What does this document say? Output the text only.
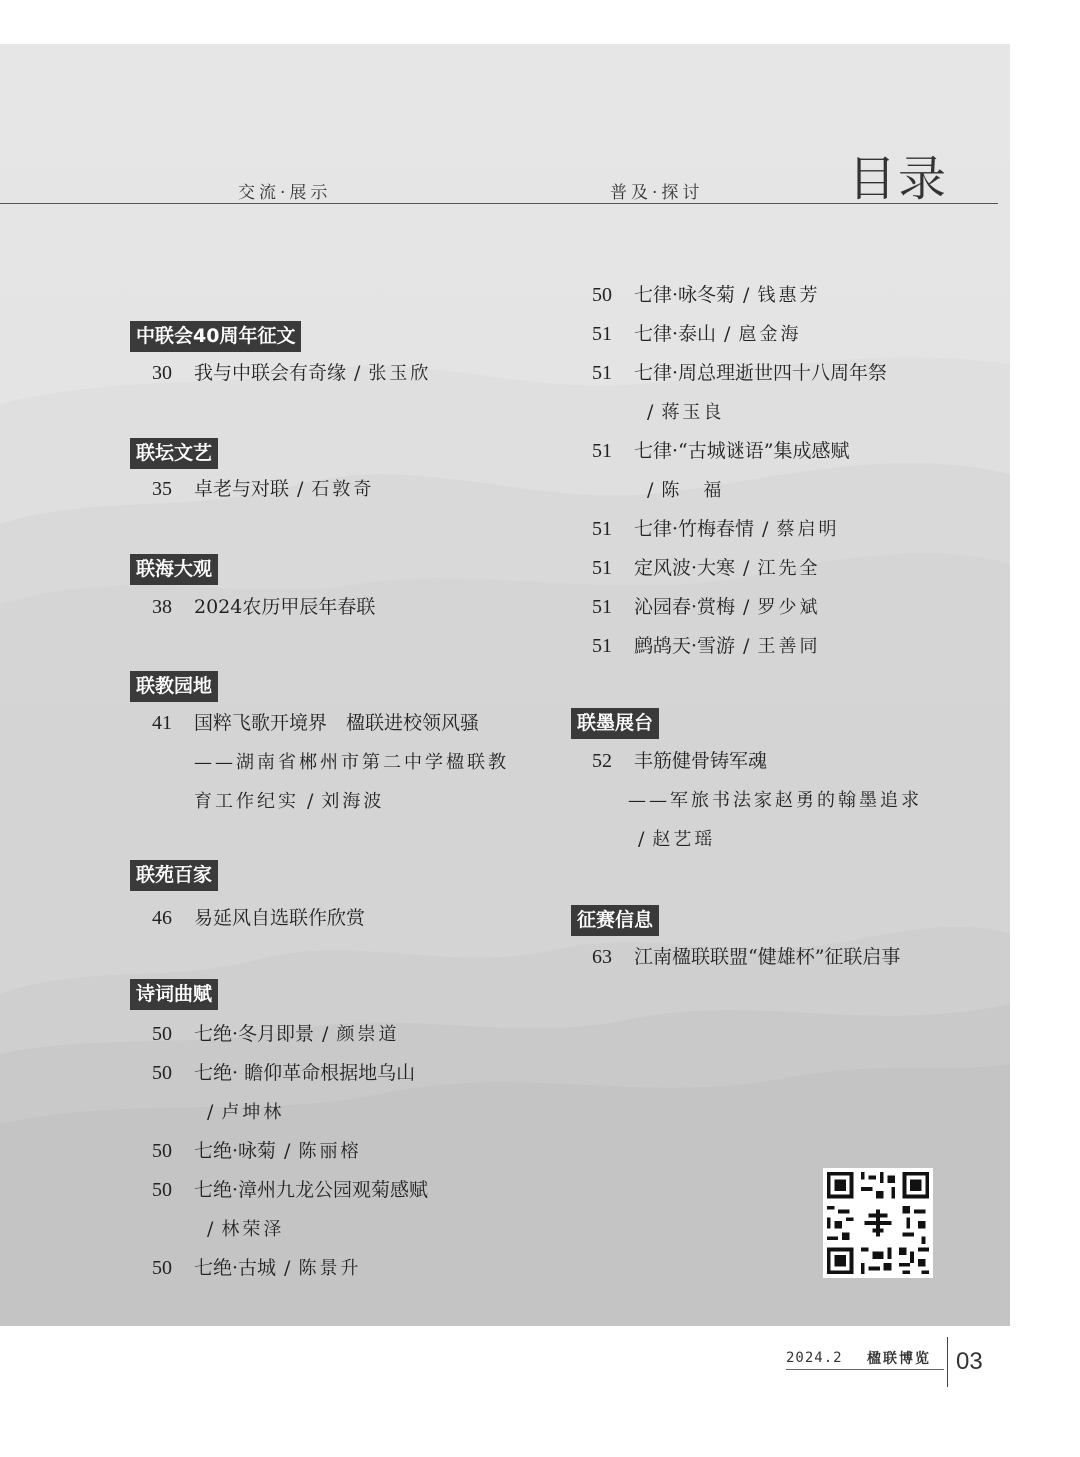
交流·展示	普及·探讨	目录
中联会40周年征文
30 我与中联会有奇缘 / 张玉欣
联坛文艺
35 卓老与对联 / 石敦奇
联海大观
38 2024农历甲辰年春联
联教园地
41 国粹飞歌开境界　楹联进校领风骚
——湖南省郴州市第二中学楹联教
育工作纪实 / 刘海波
联苑百家
46 易延风自选联作欣赏
诗词曲赋
50 七绝·冬月即景 / 颜崇道
50 七绝· 瞻仰革命根据地乌山
/ 卢坤林
50 七绝·咏菊 / 陈丽榕
50 七绝·漳州九龙公园观菊感赋
/ 林荣泽
50 七绝·古城 / 陈景升
50 七律·咏冬菊 / 钱惠芳
51 七律·泰山 / 扈金海
51 七律·周总理逝世四十八周年祭
/ 蒋玉良
51 七律·“古城谜语”集成感赋
/ 陈　福
51 七律·竹梅春情 / 蔡启明
51 定风波·大寒 / 江先全
51 沁园春·赏梅 / 罗少斌
51 鹧鸪天·雪游 / 王善同
联墨展台
52 丰筋健骨铸军魂
——军旅书法家赵勇的翰墨追求
/ 赵艺瑶
征赛信息
63 江南楹联联盟“健雄杯”征联启事
2024.2 楹联博览 03
